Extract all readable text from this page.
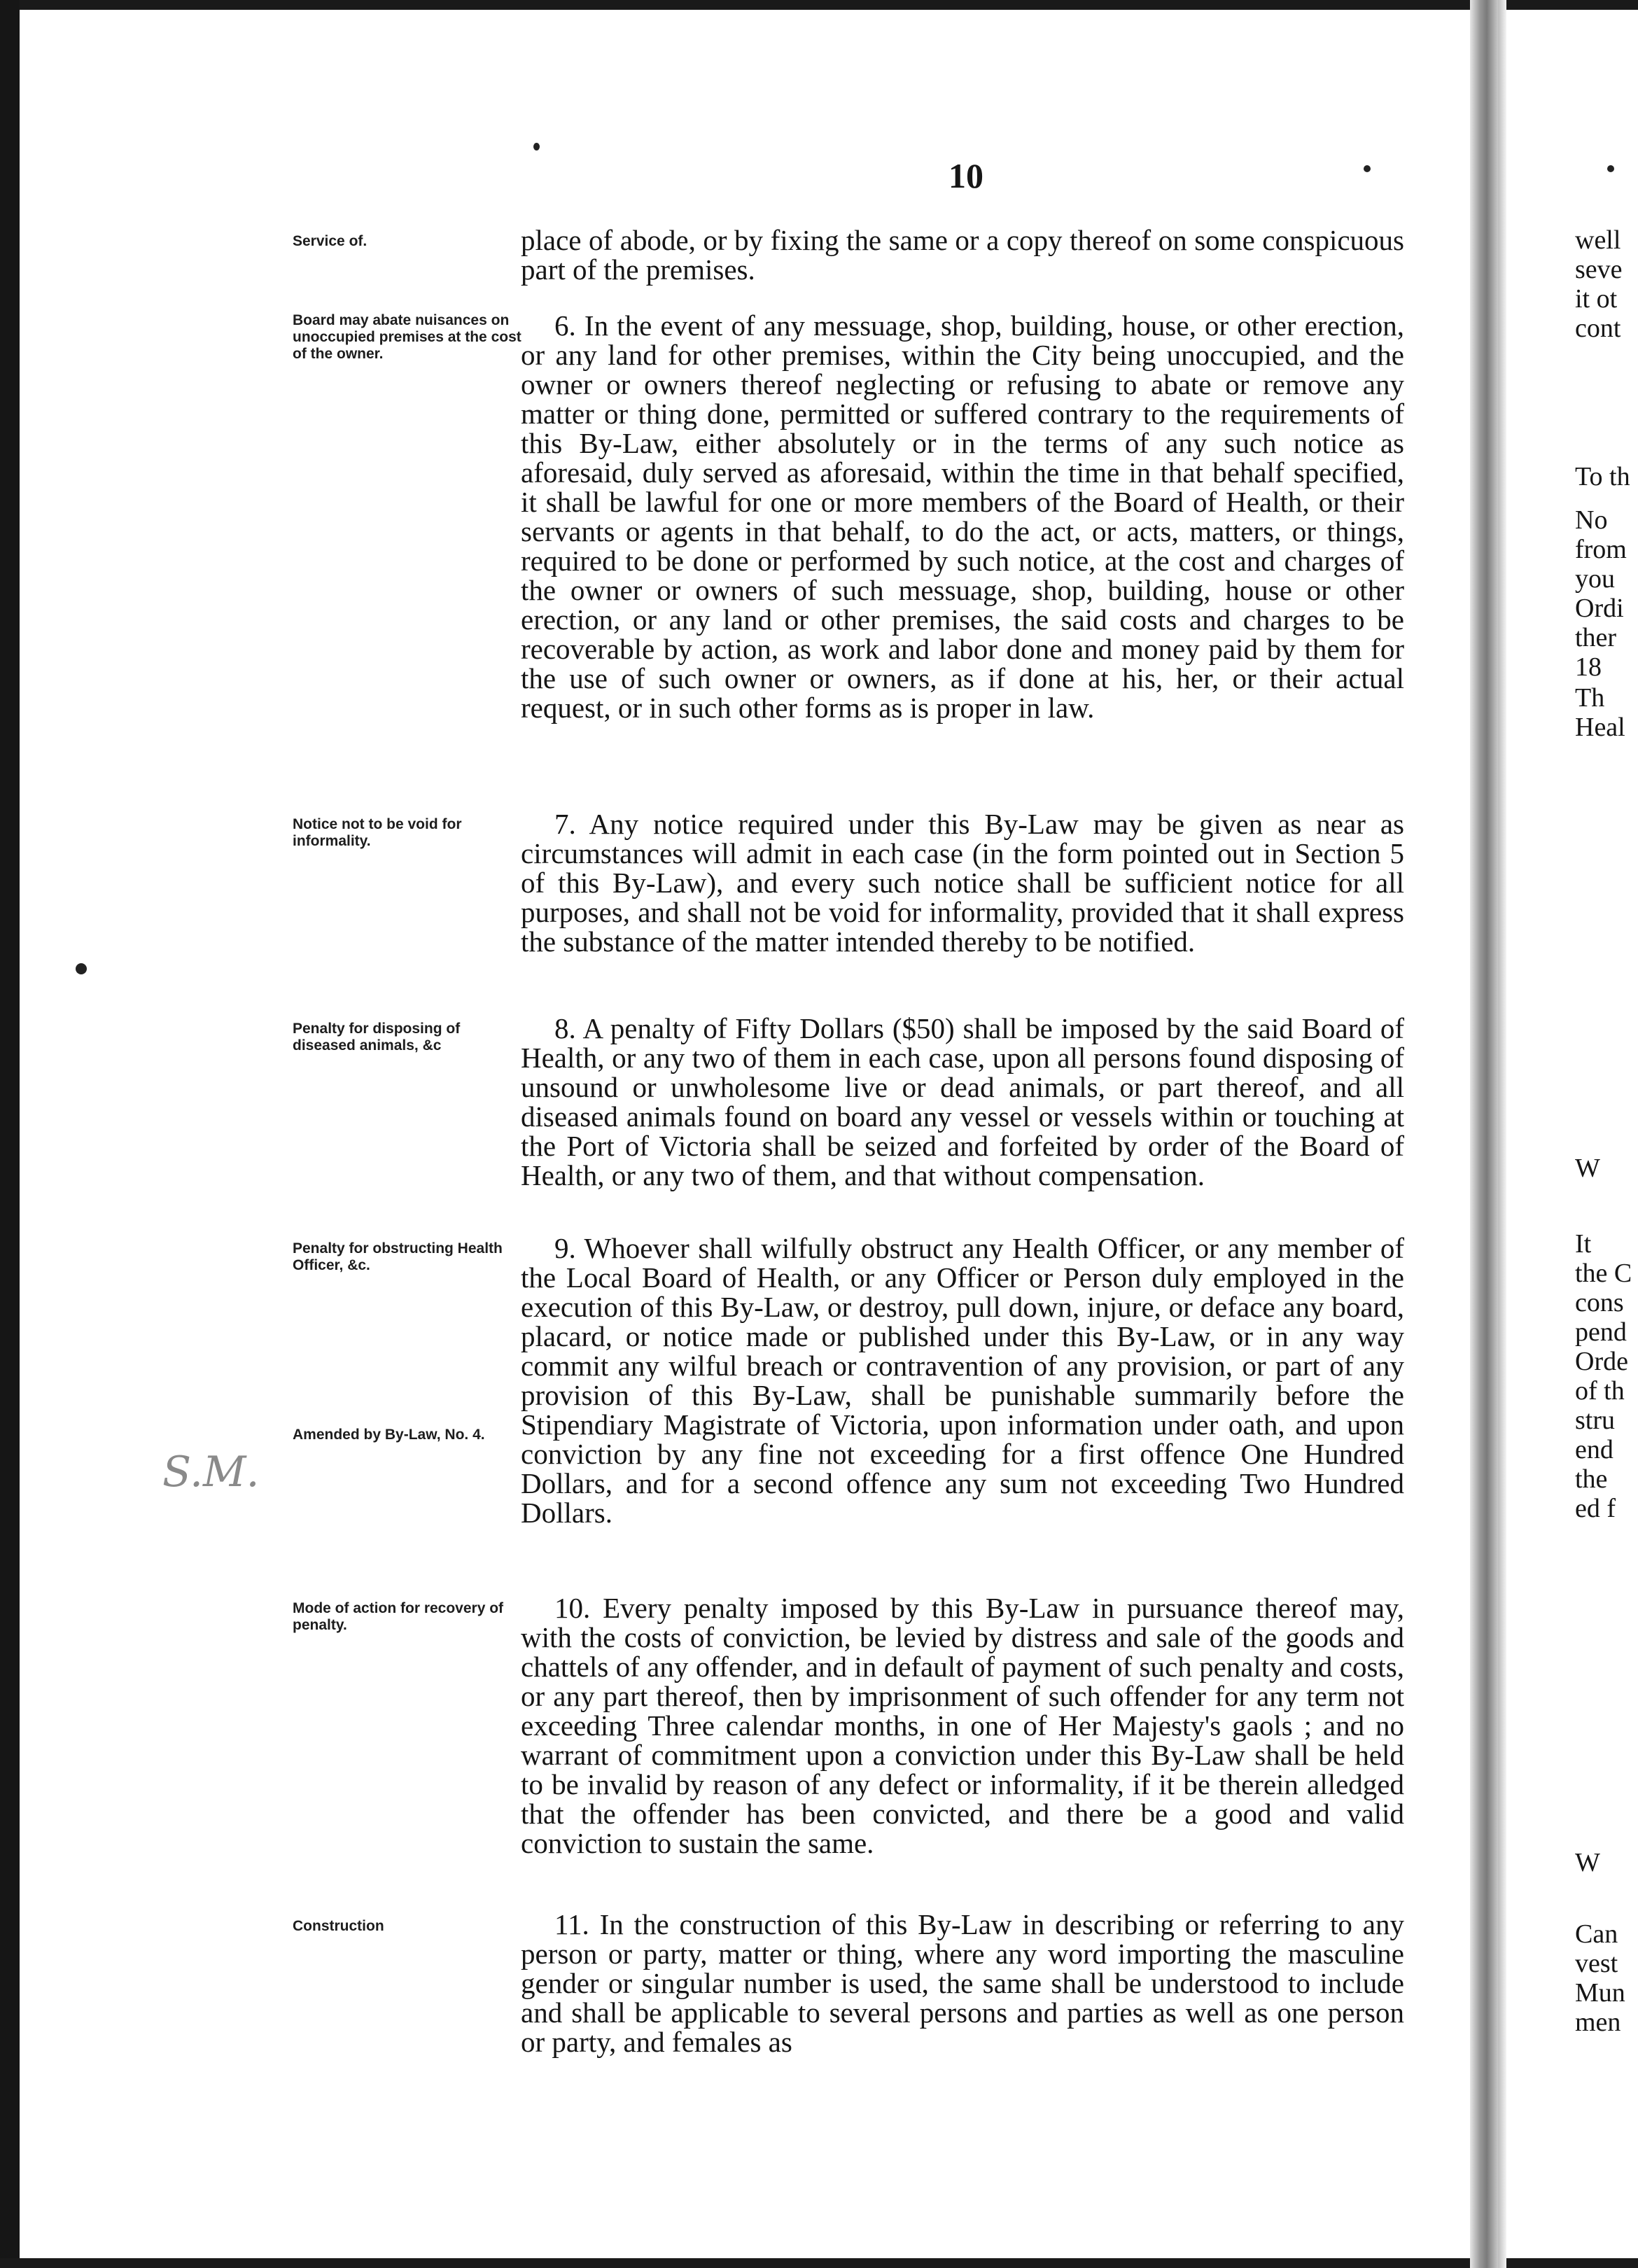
10
Service of.
Board may abate nuisances on unoccupied premises at the cost of the owner.
Notice not to be void for informality.
Penalty for disposing of diseased animals, &c
Penalty for obstructing Health Officer, &c.
Amended by By-Law, No. 4.
Mode of action for recovery of penalty.
Construction
place of abode, or by fixing the same or a copy thereof on some conspicuous part of the premises.
6. In the event of any messuage, shop, building, house, or other erection, or any land for other premises, within the City being unoccupied, and the owner or owners thereof neglecting or refusing to abate or remove any matter or thing done, permitted or suffered contrary to the requirements of this By-Law, either absolutely or in the terms of any such notice as aforesaid, duly served as aforesaid, within the time in that behalf specified, it shall be lawful for one or more members of the Board of Health, or their servants or agents in that behalf, to do the act, or acts, matters, or things, required to be done or performed by such notice, at the cost and charges of the owner or owners of such messuage, shop, building, house or other erection, or any land or other premises, the said costs and charges to be recoverable by action, as work and labor done and money paid by them for the use of such owner or owners, as if done at his, her, or their actual request, or in such other forms as is proper in law.
7. Any notice required under this By-Law may be given as near as circumstances will admit in each case (in the form pointed out in Section 5 of this By-Law), and every such notice shall be sufficient notice for all purposes, and shall not be void for informality, provided that it shall express the substance of the matter intended thereby to be notified.
8. A penalty of Fifty Dollars ($50) shall be imposed by the said Board of Health, or any two of them in each case, upon all persons found disposing of unsound or unwholesome live or dead animals, or part thereof, and all diseased animals found on board any vessel or vessels within or touching at the Port of Victoria shall be seized and forfeited by order of the Board of Health, or any two of them, and that without compensation.
9. Whoever shall wilfully obstruct any Health Officer, or any member of the Local Board of Health, or any Officer or Person duly employed in the execution of this By-Law, or destroy, pull down, injure, or deface any board, placard, or notice made or published under this By-Law, or in any way commit any wilful breach or contravention of any provision, or part of any provision of this By-Law, shall be punishable summarily before the Stipendiary Magistrate of Victoria, upon information under oath, and upon conviction by any fine not exceeding for a first offence One Hundred Dollars, and for a second offence any sum not exceeding Two Hundred Dollars.
10. Every penalty imposed by this By-Law in pursuance thereof may, with the costs of conviction, be levied by distress and sale of the goods and chattels of any offender, and in default of payment of such penalty and costs, or any part thereof, then by imprisonment of such offender for any term not exceeding Three calendar months, in one of Her Majesty's gaols ; and no warrant of commitment upon a conviction under this By-Law shall be held to be invalid by reason of any defect or informality, if it be therein alledged that the offender has been convicted, and there be a good and valid conviction to sustain the same.
11. In the construction of this By-Law in describing or referring to any person or party, matter or thing, where any word importing the masculine gender or singular number is used, the same shall be understood to include and shall be applicable to several persons and parties as well as one person or party, and females as
S.M.
well
seve
it ot
cont
To th
No
from
you
Ordi
ther
18
Th
Heal
W
It
the C
cons
pend
Orde
of th
stru
end
the
ed f
W
Can
vest
Mun
men
